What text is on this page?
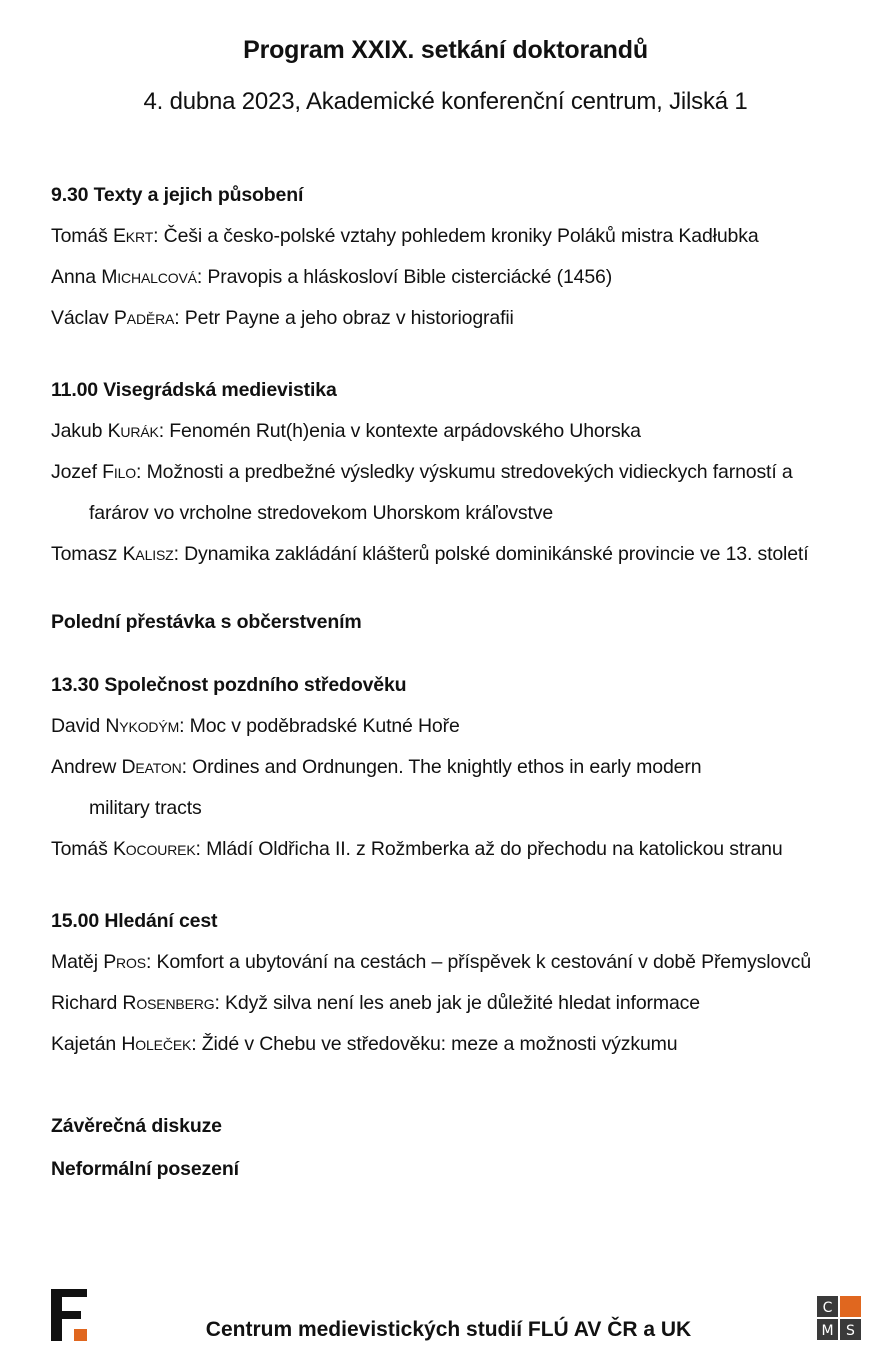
Program XXIX. setkání doktorandů
4. dubna 2023, Akademické konferenční centrum, Jilská 1
9.30 Texty a jejich působení
Tomáš Ekrt: Češi a česko-polské vztahy pohledem kroniky Poláků mistra Kadłubka
Anna Michalcová: Pravopis a hláskosloví Bible cisterciácké (1456)
Václav Paděra: Petr Payne a jeho obraz v historiografii
11.00 Visegrádská medievistika
Jakub Kurák: Fenomén Rut(h)enia v kontexte arpádovského Uhorska
Jozef Filo: Možnosti a predbežné výsledky výskumu stredovekých vidieckych farností a
farárov vo vrcholne stredovekom Uhorskom kráľovstve
Tomasz Kalisz: Dynamika zakládání klášterů polské dominikánské provincie ve 13. století
Polední přestávka s občerstvením
13.30 Společnost pozdního středověku
David Nykodým: Moc v poděbradské Kutné Hoře
Andrew Deaton: Ordines and Ordnungen. The knightly ethos in early modern
military tracts
Tomáš Kocourek: Mládí Oldřicha II. z Rožmberka až do přechodu na katolickou stranu
15.00 Hledání cest
Matěj Pros: Komfort a ubytování na cestách – příspěvek k cestování v době Přemyslovců
Richard Rosenberg: Když silva není les aneb jak je důležité hledat informace
Kajetán Holeček: Židé v Chebu ve středověku: meze a možnosti výzkumu
Závěrečná diskuze
Neformální posezení
Centrum medievistických studií FLÚ AV ČR a UK
C
M S
